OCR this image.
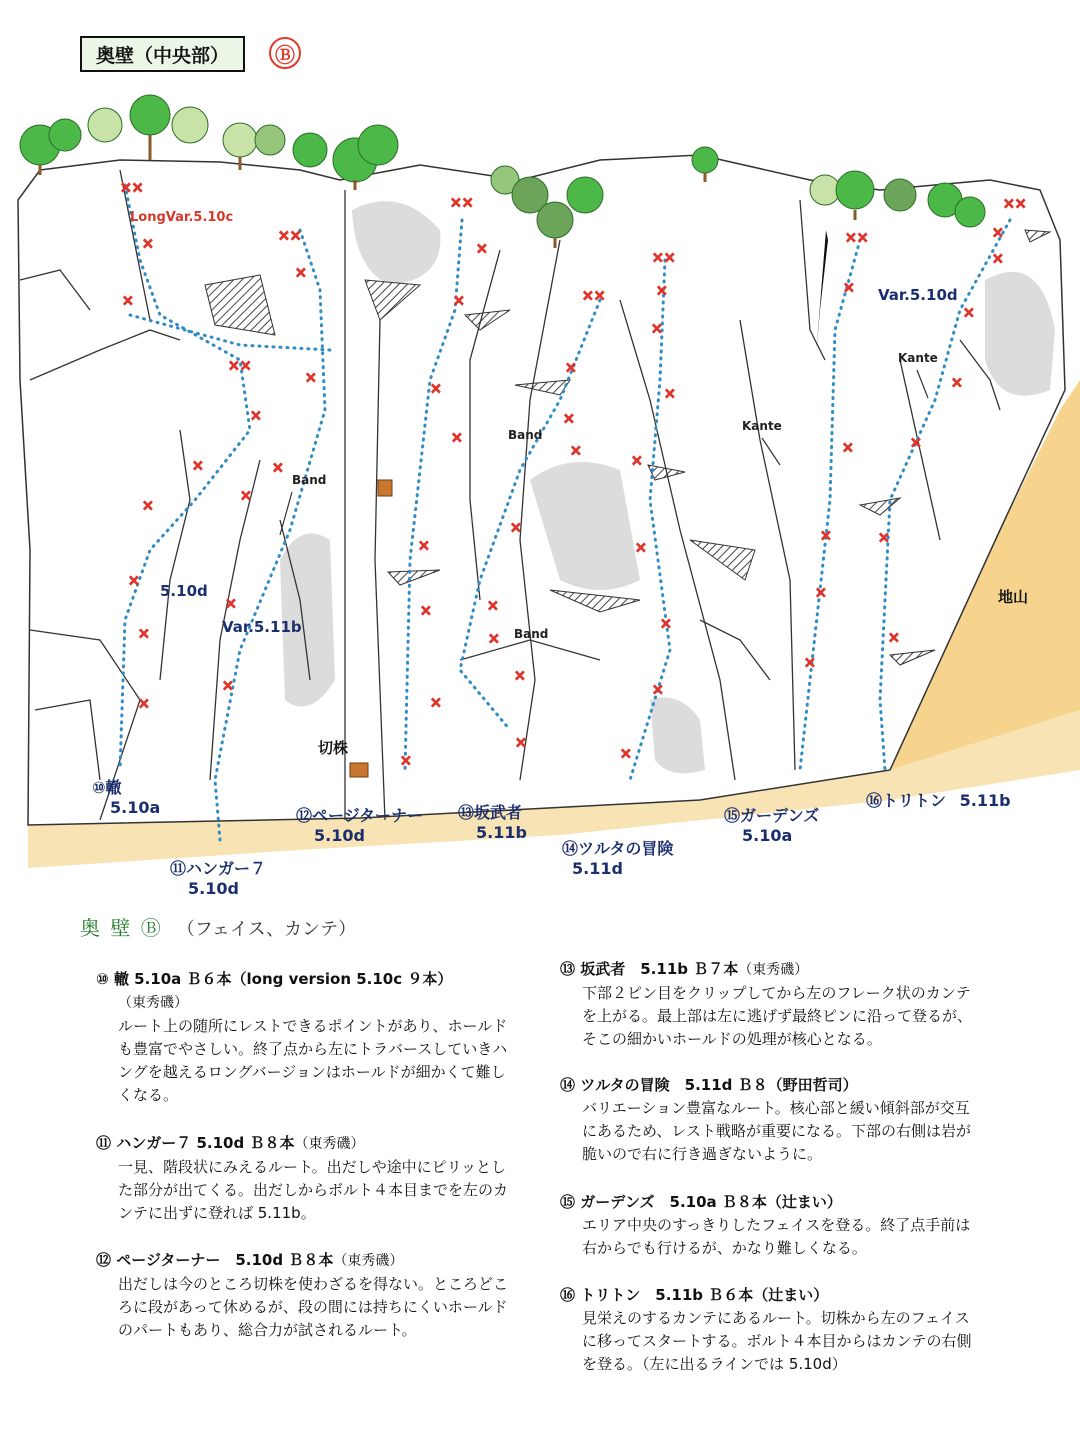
奥壁（中央部）	Ⓑ
××
×
×
××
×
××
×
×
×	×
×
×
×
×
×
×
×
××
×
×
×
×
×
×
×
×
××
×
×
×
×
×
×
×
×
××
×
×
×
×
×
×
×
×
××
×
×
×
×
×
××
×
×
×
×
×
×
×
LongVar.5.10c
5.10d
Var.5.11b
Var.5.10d
Band
Band
Band
Kante
Kante
切株
地山
⑩轍
5.10a
⑪ハンガー７
5.10d
⑫ページターナー
5.10d
⑬坂武者
5.11b
⑭ツルタの冒険
5.11d
⑮ガーデンズ
5.10a
⑯トリトン 5.11b
奥 壁 Ⓑ （フェイス、カンテ）
⑩ 轍 5.10a Ｂ６本（long version 5.10c ９本）
（東秀磯）
ルート上の随所にレストできるポイントがあり、ホールドも豊富でやさしい。終了点から左にトラバースしていきハングを越えるロングバージョンはホールドが細かくて難しくなる。
⑪ ハンガー７ 5.10d Ｂ８本（東秀磯）
一見、階段状にみえるルート。出だしや途中にピリッとした部分が出てくる。出だしからボルト４本目までを左のカンテに出ずに登れば 5.11b。
⑫ ページターナー　5.10d Ｂ８本（東秀磯）
出だしは今のところ切株を使わざるを得ない。ところどころに段があって休めるが、段の間には持ちにくいホールドのパートもあり、総合力が試されるルート。
⑬ 坂武者　5.11b Ｂ７本（東秀磯）
下部２ピン目をクリップしてから左のフレーク状のカンテを上がる。最上部は左に逃げず最終ピンに沿って登るが、そこの細かいホールドの処理が核心となる。
⑭ ツルタの冒険　5.11d Ｂ８（野田哲司）
バリエーション豊富なルート。核心部と緩い傾斜部が交互にあるため、レスト戦略が重要になる。下部の右側は岩が脆いので右に行き過ぎないように。
⑮ ガーデンズ　5.10a Ｂ８本（辻まい）
エリア中央のすっきりしたフェイスを登る。終了点手前は右からでも行けるが、かなり難しくなる。
⑯ トリトン　5.11b Ｂ６本（辻まい）
見栄えのするカンテにあるルート。切株から左のフェイスに移ってスタートする。ボルト４本目からはカンテの右側を登る。（左に出るラインでは 5.10d）
